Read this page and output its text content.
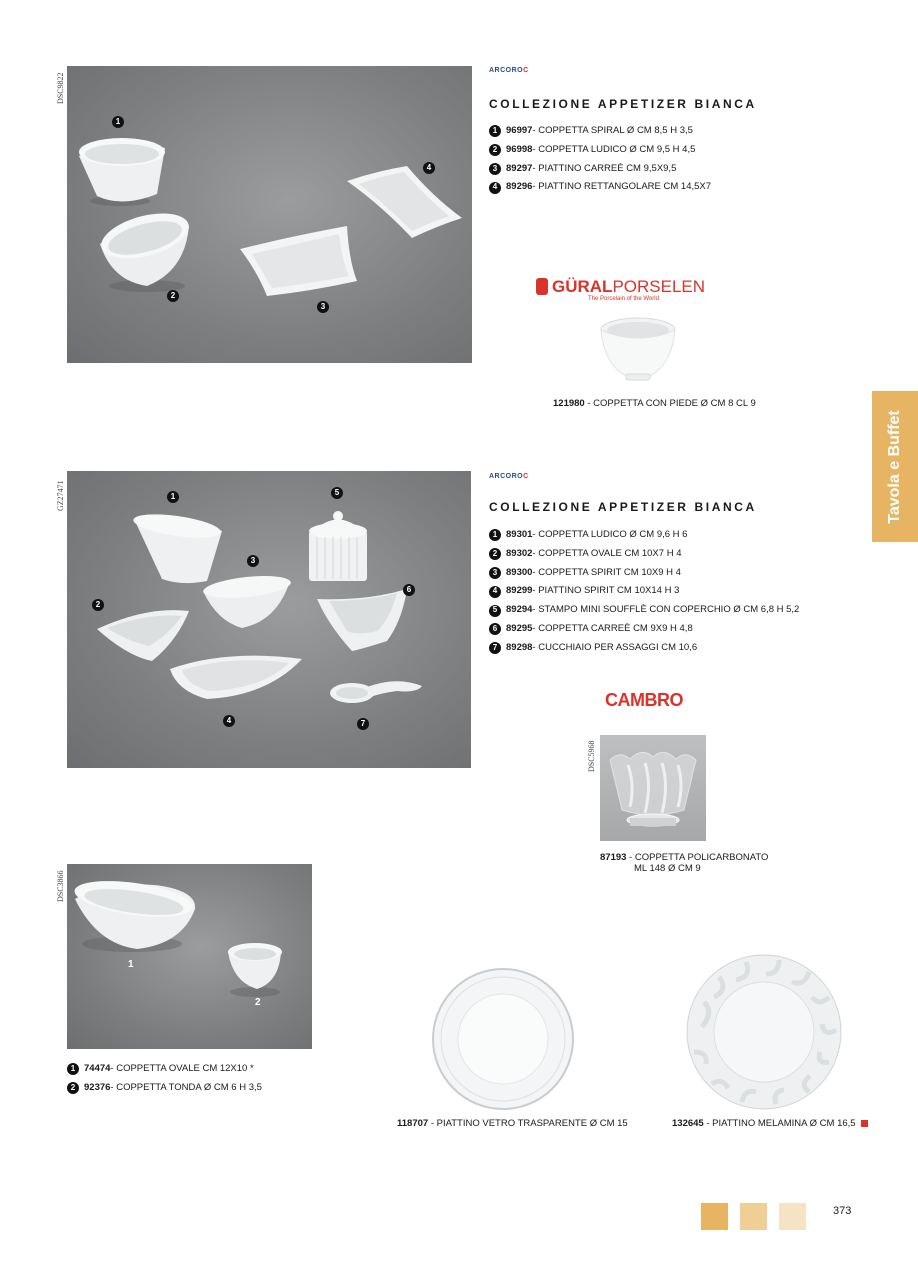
DSC9822
1
2
3
4
ARCOROC
COLLEZIONE APPETIZER BIANCA
1 96997 - COPPETTA SPIRAL Ø CM 8,5 H 3,5
2 96998 - COPPETTA LUDICO Ø CM 9,5 H 4,5
3 89297 - PIATTINO CARREÈ CM 9,5X9,5
4 89296 - PIATTINO RETTANGOLARE CM 14,5X7
GÜRAL PORSELEN
The Porcelain of the World
121980 - COPPETTA CON PIEDE Ø CM 8 CL 9
Tavola e Buffet
GZ27471	1
2
3
4
5
6
7
ARCOROC
COLLEZIONE APPETIZER BIANCA
1 89301 - COPPETTA LUDICO Ø CM 9,6 H 6
2 89302 - COPPETTA OVALE CM 10X7 H 4
3 89300 - COPPETTA SPIRIT CM 10X9 H 4
4 89299 - PIATTINO SPIRIT CM 10X14 H 3
5 89294 - STAMPO MINI SOUFFLÈ CON COPERCHIO Ø CM 6,8 H 5,2
6 89295 - COPPETTA CARREÈ CM 9X9 H 4,8
7 89298 - CUCCHIAIO PER ASSAGGI CM 10,6
CAMBRO
DSC5968
87193 - COPPETTA POLICARBONATO
ML 148 Ø CM 9
DSC3866
1
2
1 74474 - COPPETTA OVALE CM 12X10 *
2 92376 - COPPETTA TONDA Ø CM 6 H 3,5
118707 - PIATTINO VETRO TRASPARENTE Ø CM 15	132645 - PIATTINO MELAMINA Ø CM 16,5
373
